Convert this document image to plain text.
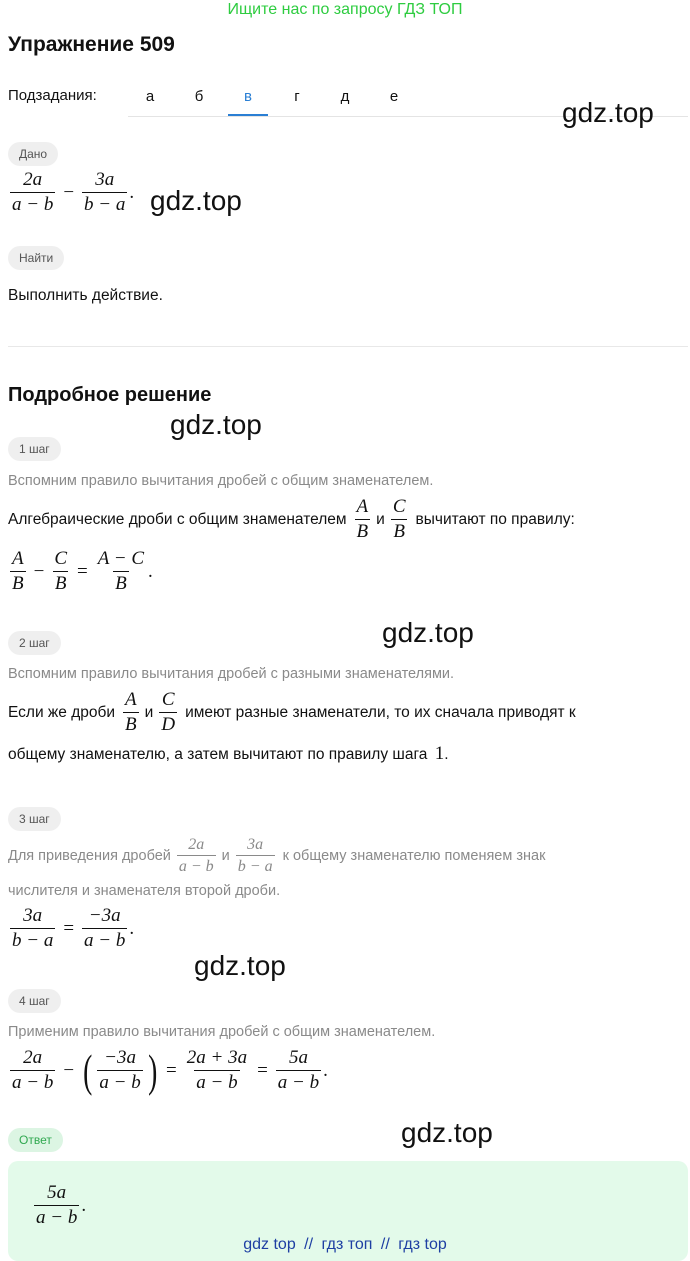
Ищите нас по запросу ГДЗ ТОП
Упражнение 509
Подзадания:	а	б	в	г	д	е
gdz.top
Дано
$\frac{2a}{a - b} - \frac{3a}{b - a}$ . gdz.top
Найти
Выполнить действие.
Подробное решение
gdz.top
1 шаг
Вспомним правило вычитания дробей с общим знаменателем.
Алгебраические дроби с общим знаменателем $\frac{A}{B}$ и $\frac{C}{B}$ вычитают по правилу:
$\frac{A}{B} - \frac{C}{B} = \frac{A - C}{B}$ .
gdz.top
2 шаг
Вспомним правило вычитания дробей с разными знаменателями.
Если же дроби $\frac{A}{B}$ и $\frac{C}{D}$ имеют разные знаменатели, то их сначала приводят к
общему знаменателю, а затем вычитают по правилу шага 1.
3 шаг
Для приведения дробей $\frac{2a}{a - b}$ и $\frac{3a}{b - a}$ к общему знаменателю поменяем знак
числителя и знаменателя второй дроби.
$\frac{3a}{b - a} = \frac{-3a}{a - b}$ .
gdz.top
4 шаг
Применим правило вычитания дробей с общим знаменателем.
$\frac{2a}{a - b}$ − ( $\frac{-3a}{a - b}$ ) = $\frac{2a + 3a}{a - b} = \frac{5a}{a - b}$ .
Ответ	gdz.top
$\frac{5a}{a - b}$ .
gdz top // гдз топ // гдз top
